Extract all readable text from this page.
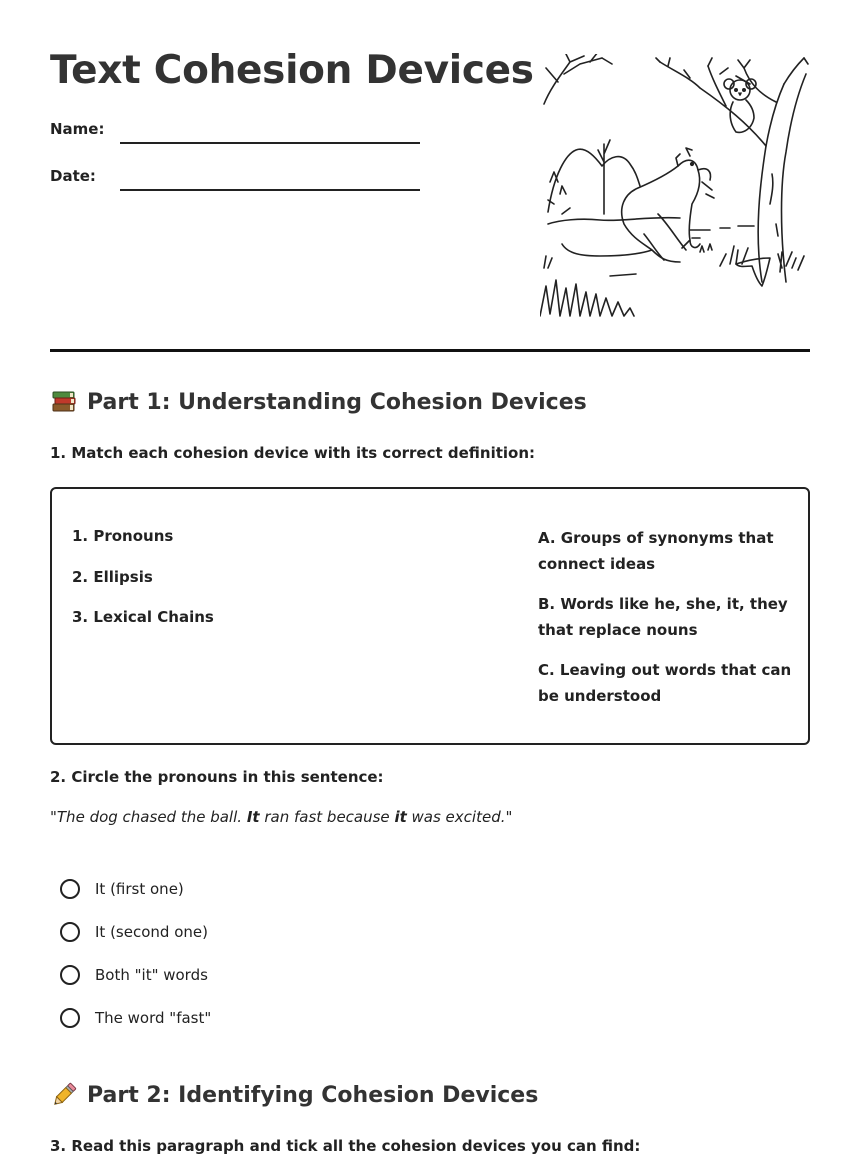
Text Cohesion Devices
Name:
Date:
Part 1: Understanding Cohesion Devices

1. Match each cohesion device with its correct definition:

1. Pronouns
2. Ellipsis
3. Lexical Chains
A. Groups of synonyms that connect ideas
B. Words like he, she, it, they that replace nouns
C. Leaving out words that can be understood

2. Circle the pronouns in this sentence:

"The dog chased the ball. It ran fast because it was excited."
It (first one)
It (second one)
Both "it" words
The word "fast"
Part 2: Identifying Cohesion Devices

3. Read this paragraph and tick all the cohesion devices you can find:
